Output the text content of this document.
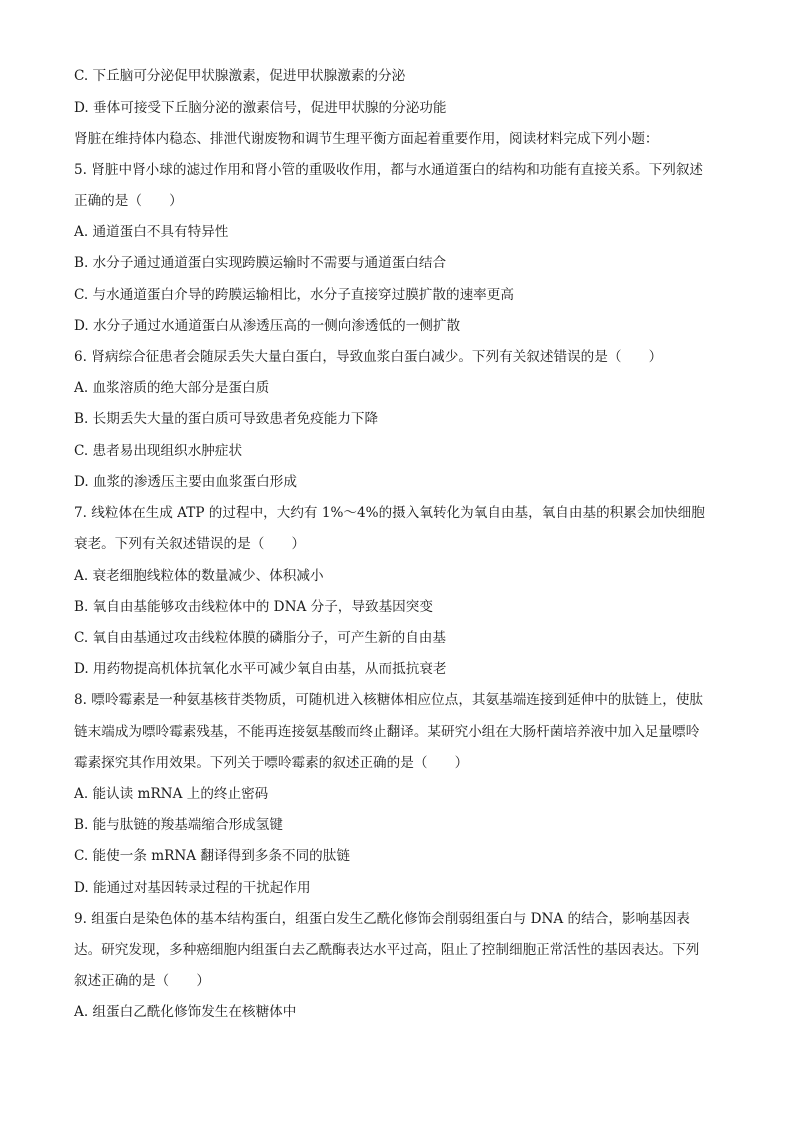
C. 下丘脑可分泌促甲状腺激素，促进甲状腺激素的分泌
D. 垂体可接受下丘脑分泌的激素信号，促进甲状腺的分泌功能
肾脏在维持体内稳态、排泄代谢废物和调节生理平衡方面起着重要作用，阅读材料完成下列小题：
5. 肾脏中肾小球的滤过作用和肾小管的重吸收作用，都与水通道蛋白的结构和功能有直接关系。下列叙述
正确的是（　　）
A. 通道蛋白不具有特异性
B. 水分子通过通道蛋白实现跨膜运输时不需要与通道蛋白结合
C. 与水通道蛋白介导的跨膜运输相比，水分子直接穿过膜扩散的速率更高
D. 水分子通过水通道蛋白从渗透压高的一侧向渗透低的一侧扩散
6. 肾病综合征患者会随尿丢失大量白蛋白，导致血浆白蛋白减少。下列有关叙述错误的是（　　）
A. 血浆溶质的绝大部分是蛋白质
B. 长期丢失大量的蛋白质可导致患者免疫能力下降
C. 患者易出现组织水肿症状
D. 血浆的渗透压主要由血浆蛋白形成
7. 线粒体在生成 ATP 的过程中，大约有 1%～4%的摄入氧转化为氧自由基，氧自由基的积累会加快细胞
衰老。下列有关叙述错误的是（　　）
A. 衰老细胞线粒体的数量减少、体积减小
B. 氧自由基能够攻击线粒体中的 DNA 分子，导致基因突变
C. 氧自由基通过攻击线粒体膜的磷脂分子，可产生新的自由基
D. 用药物提高机体抗氧化水平可减少氧自由基，从而抵抗衰老
8. 嘌呤霉素是一种氨基核苷类物质，可随机进入核糖体相应位点，其氨基端连接到延伸中的肽链上，使肽
链末端成为嘌呤霉素残基，不能再连接氨基酸而终止翻译。某研究小组在大肠杆菌培养液中加入足量嘌呤
霉素探究其作用效果。下列关于嘌呤霉素的叙述正确的是（　　）
A. 能认读 mRNA 上的终止密码
B. 能与肽链的羧基端缩合形成氢键
C. 能使一条 mRNA 翻译得到多条不同的肽链
D. 能通过对基因转录过程的干扰起作用
9. 组蛋白是染色体的基本结构蛋白，组蛋白发生乙酰化修饰会削弱组蛋白与 DNA 的结合，影响基因表
达。研究发现，多种癌细胞内组蛋白去乙酰酶表达水平过高，阻止了控制细胞正常活性的基因表达。下列
叙述正确的是（　　）
A. 组蛋白乙酰化修饰发生在核糖体中
